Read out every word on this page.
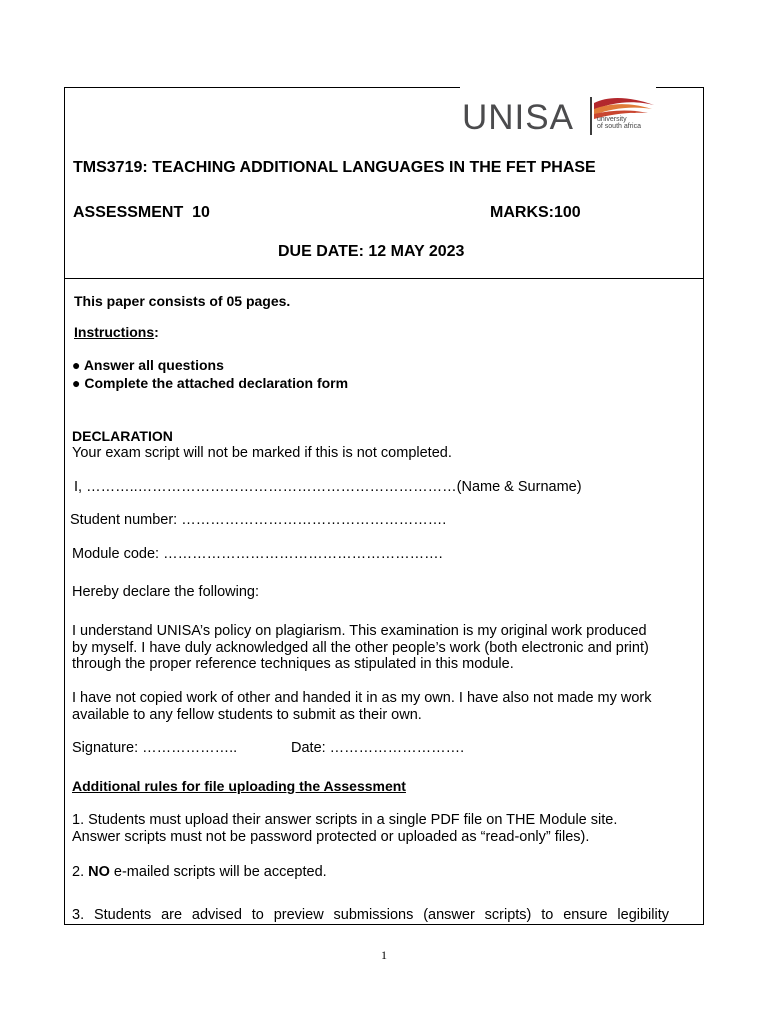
UNISA	university
of south africa
TMS3719: TEACHING ADDITIONAL LANGUAGES IN THE FET PHASE
ASSESSMENT  10	MARKS:100
DUE DATE: 12 MAY 2023
This paper consists of 05 pages.
Instructions:
● Answer all questions
● Complete the attached declaration form
DECLARATION
Your exam script will not be marked if this is not completed.
I, ………..…………………………………………………………(Name & Surname)
Student number: ……………………………………………….
Module code: ………………………………………………….
Hereby declare the following:
I understand UNISA’s policy on plagiarism. This examination is my original work produced
by myself. I have duly acknowledged all the other people’s work (both electronic and print)
through the proper reference techniques as stipulated in this module.
I have not copied work of other and handed it in as my own. I have also not made my work
available to any fellow students to submit as their own.
Signature: ………………..	Date: ……………………….
Additional rules for file uploading the Assessment
1. Students must upload their answer scripts in a single PDF file on THE Module site.
Answer scripts must not be password protected or uploaded as “read-only” files).
2. NO e-mailed scripts will be accepted.
3. Students are advised to preview submissions (answer scripts) to ensure legibility
1
